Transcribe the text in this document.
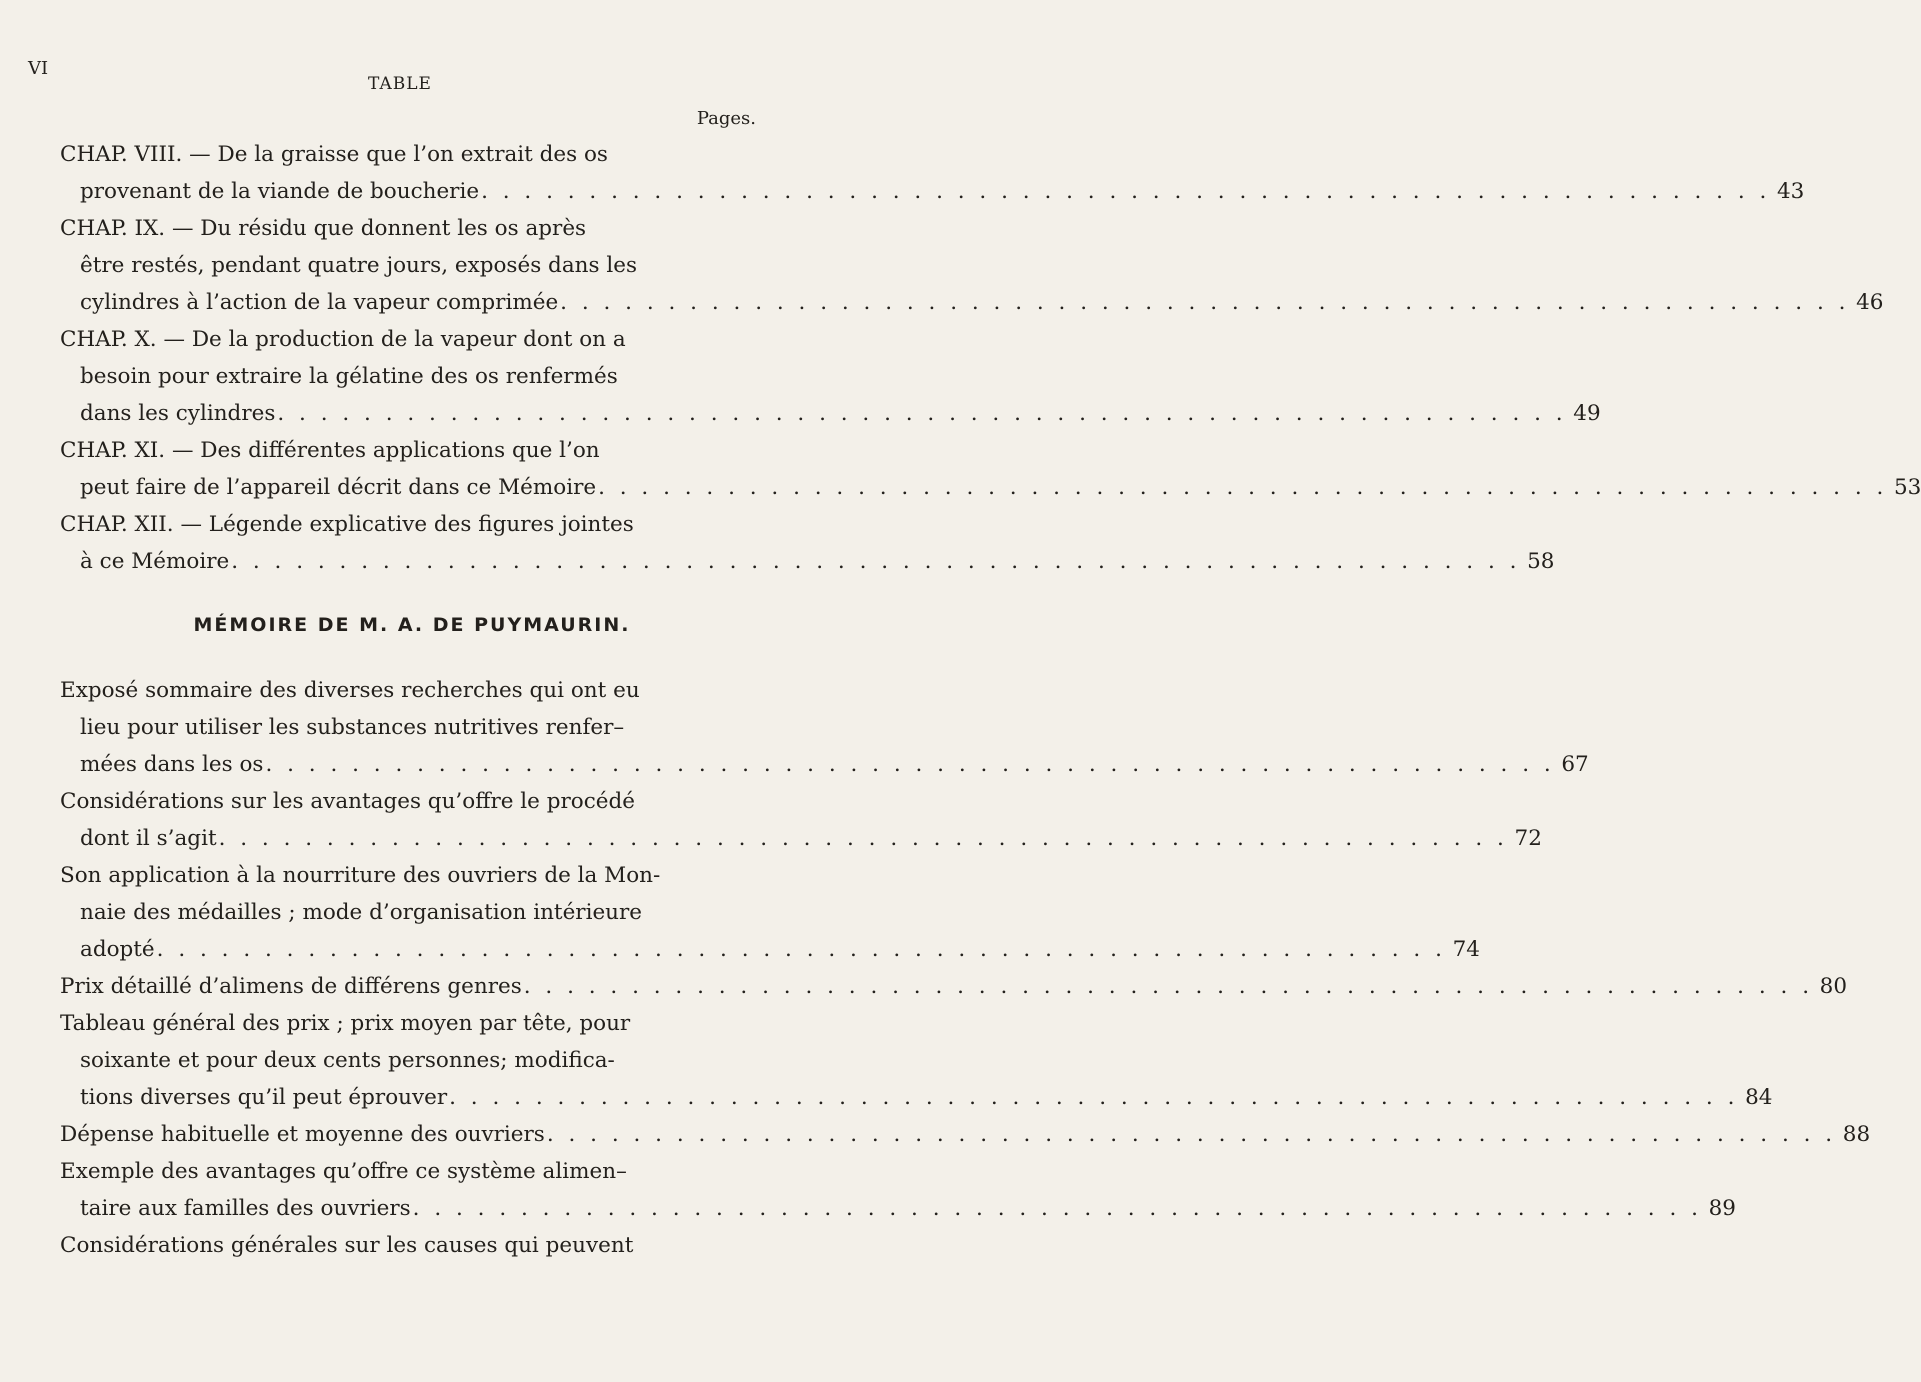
VI
TABLE
Pages.
CHAP. VIII. — De la graisse que l’on extrait des os
provenant de la viande de boucherie . . . . . . . . . . . . . . . . . . . . . . . . . . . . . . . . . . . . . . . . . . . . . . . . . . . . . . . . . . . . 43
CHAP. IX. — Du résidu que donnent les os après
être restés, pendant quatre jours, exposés dans les
cylindres à l’action de la vapeur comprimée . . . . . . . . . . . . . . . . . . . . . . . . . . . . . . . . . . . . . . . . . . . . . . . . . . . . . . . . . . . . 46
CHAP. X. — De la production de la vapeur dont on a
besoin pour extraire la gélatine des os renfermés
dans les cylindres . . . . . . . . . . . . . . . . . . . . . . . . . . . . . . . . . . . . . . . . . . . . . . . . . . . . . . . . . . . . 49
CHAP. XI. — Des différentes applications que l’on
peut faire de l’appareil décrit dans ce Mémoire . . . . . . . . . . . . . . . . . . . . . . . . . . . . . . . . . . . . . . . . . . . . . . . . . . . . . . . . . . . . 53
CHAP. XII. — Légende explicative des figures jointes
à ce Mémoire . . . . . . . . . . . . . . . . . . . . . . . . . . . . . . . . . . . . . . . . . . . . . . . . . . . . . . . . . . . . 58
MÉMOIRE DE M. A. DE PUYMAURIN.
Exposé sommaire des diverses recherches qui ont eu
lieu pour utiliser les substances nutritives renfer–
mées dans les os . . . . . . . . . . . . . . . . . . . . . . . . . . . . . . . . . . . . . . . . . . . . . . . . . . . . . . . . . . . . 67
Considérations sur les avantages qu’offre le procédé
dont il s’agit . . . . . . . . . . . . . . . . . . . . . . . . . . . . . . . . . . . . . . . . . . . . . . . . . . . . . . . . . . . . 72
Son application à la nourriture des ouvriers de la Mon-
naie des médailles ; mode d’organisation intérieure
adopté . . . . . . . . . . . . . . . . . . . . . . . . . . . . . . . . . . . . . . . . . . . . . . . . . . . . . . . . . . . . 74
Prix détaillé d’alimens de différens genres . . . . . . . . . . . . . . . . . . . . . . . . . . . . . . . . . . . . . . . . . . . . . . . . . . . . . . . . . . . . 80
Tableau général des prix ; prix moyen par tête, pour
soixante et pour deux cents personnes; modifica-
tions diverses qu’il peut éprouver . . . . . . . . . . . . . . . . . . . . . . . . . . . . . . . . . . . . . . . . . . . . . . . . . . . . . . . . . . . . 84
Dépense habituelle et moyenne des ouvriers . . . . . . . . . . . . . . . . . . . . . . . . . . . . . . . . . . . . . . . . . . . . . . . . . . . . . . . . . . . . 88
Exemple des avantages qu’offre ce système alimen–
taire aux familles des ouvriers . . . . . . . . . . . . . . . . . . . . . . . . . . . . . . . . . . . . . . . . . . . . . . . . . . . . . . . . . . . . 89
Considérations générales sur les causes qui peuvent
